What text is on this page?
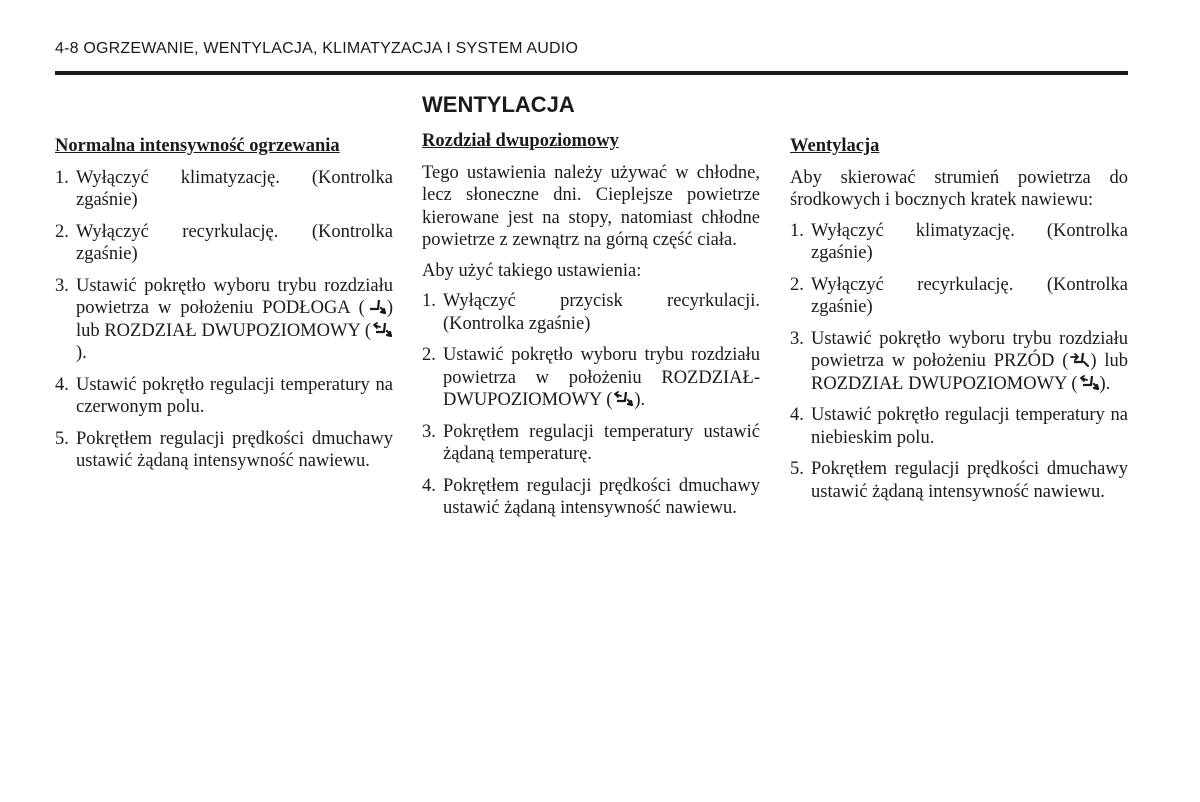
4-8 OGRZEWANIE, WENTYLACJA, KLIMATYZACJA I SYSTEM AUDIO
WENTYLACJA
Normalna intensywność ogrzewania
1. Wyłączyć klimatyzację. (Kontrolka zgaśnie)
2. Wyłączyć recyrkulację. (Kontrolka zgaśnie)
3. Ustawić pokrętło wyboru trybu rozdziału powietrza w położeniu PODŁOGA ( ) lub ROZDZIAŁ DWUPOZIOMOWY (
).
4. Ustawić pokrętło regulacji temperatury na czerwonym polu.
5. Pokrętłem regulacji prędkości dmuchawy ustawić żądaną intensywność nawiewu.
Rozdział dwupoziomowy

Tego ustawienia należy używać w chłodne, lecz słoneczne dni. Cieplejsze powietrze kierowane jest na stopy, natomiast chłodne powietrze z zewnątrz na górną część ciała.

Aby użyć takiego ustawienia:

1. Wyłączyć przycisk recyrkulacji. (Kontrolka zgaśnie)
2. Ustawić pokrętło wyboru trybu rozdziału powietrza w położeniu ROZDZIAŁ-DWUPOZIOMOWY ( ).
3. Pokrętłem regulacji temperatury ustawić żądaną temperaturę.
4. Pokrętłem regulacji prędkości dmuchawy ustawić żądaną intensywność nawiewu.
Wentylacja

Aby skierować strumień powietrza do środkowych i bocznych kratek nawiewu:

1. Wyłączyć klimatyzację. (Kontrolka zgaśnie)
2. Wyłączyć recyrkulację. (Kontrolka zgaśnie)
3. Ustawić pokrętło wyboru trybu rozdziału powietrza w położeniu PRZÓD ( ) lub ROZDZIAŁ DWUPOZIOMOWY ( ).
4. Ustawić pokrętło regulacji temperatury na niebieskim polu.
5. Pokrętłem regulacji prędkości dmuchawy ustawić żądaną intensywność nawiewu.
